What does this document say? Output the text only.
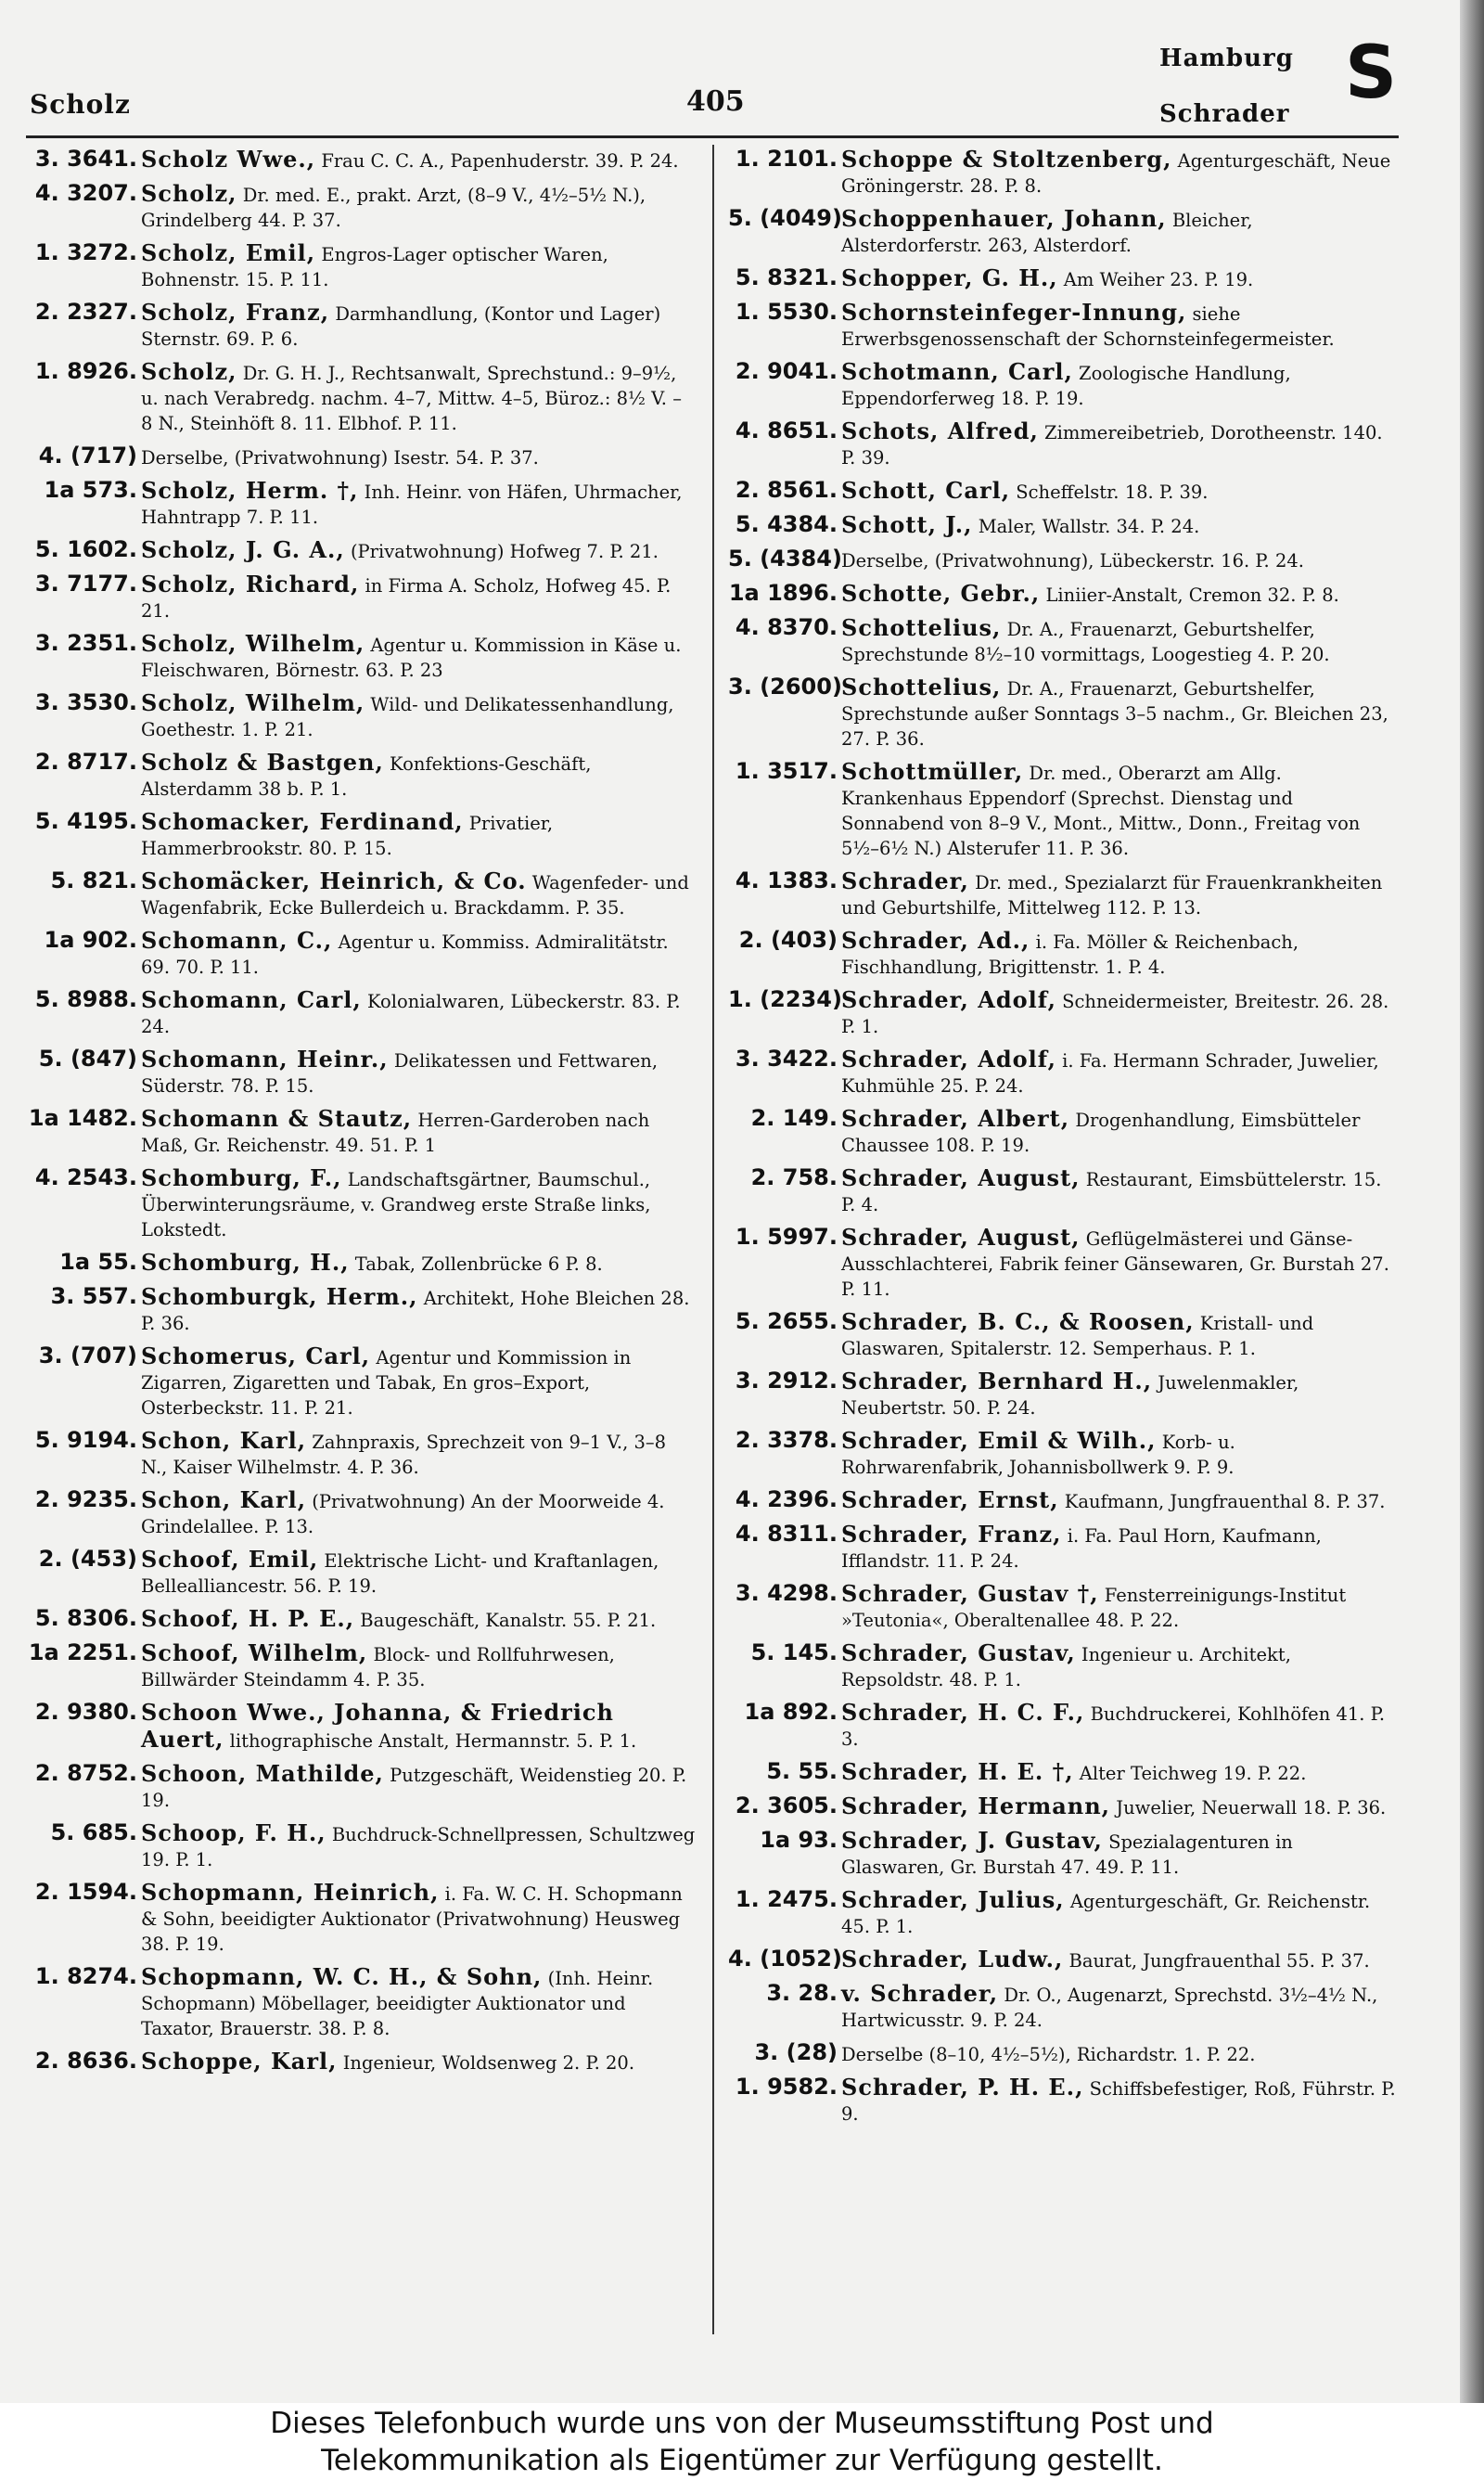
Scholz	405
Hamburg
Schrader S
3. 3641. Scholz Wwe., Frau C. C. A., Papenhuderstr. 39. P. 24.
4. 3207. Scholz, Dr. med. E., prakt. Arzt, (8–9 V., 4½–5½ N.), Grindelberg 44. P. 37.
1. 3272. Scholz, Emil, Engros-Lager optischer Waren, Bohnenstr. 15. P. 11.
2. 2327. Scholz, Franz, Darmhandlung, (Kontor und Lager) Sternstr. 69. P. 6.
1. 8926. Scholz, Dr. G. H. J., Rechtsanwalt, Sprechstund.: 9–9½, u. nach Verabredg. nachm. 4–7, Mittw. 4–5, Büroz.: 8½ V. – 8 N., Steinhöft 8. 11. Elbhof. P. 11.
4. (717) Derselbe, (Privatwohnung) Isestr. 54. P. 37.
1a 573. Scholz, Herm. †, Inh. Heinr. von Häfen, Uhrmacher, Hahntrapp 7. P. 11.
5. 1602. Scholz, J. G. A., (Privatwohnung) Hofweg 7. P. 21.
3. 7177. Scholz, Richard, in Firma A. Scholz, Hofweg 45. P. 21.
3. 2351. Scholz, Wilhelm, Agentur u. Kommission in Käse u. Fleischwaren, Börnestr. 63. P. 23
3. 3530. Scholz, Wilhelm, Wild- und Delikatessenhandlung, Goethestr. 1. P. 21.
2. 8717. Scholz & Bastgen, Konfektions-Geschäft, Alsterdamm 38 b. P. 1.
5. 4195. Schomacker, Ferdinand, Privatier, Hammerbrookstr. 80. P. 15.
5. 821. Schomäcker, Heinrich, & Co. Wagenfeder- und Wagenfabrik, Ecke Bullerdeich u. Brackdamm. P. 35.
1a 902. Schomann, C., Agentur u. Kommiss. Admiralitätstr. 69. 70. P. 11.
5. 8988. Schomann, Carl, Kolonialwaren, Lübeckerstr. 83. P. 24.
5. (847) Schomann, Heinr., Delikatessen und Fettwaren, Süderstr. 78. P. 15.
1a 1482. Schomann & Stautz, Herren-Garderoben nach Maß, Gr. Reichenstr. 49. 51. P. 1
4. 2543. Schomburg, F., Landschaftsgärtner, Baumschul., Überwinterungsräume, v. Grandweg erste Straße links, Lokstedt.
1a 55. Schomburg, H., Tabak, Zollenbrücke 6 P. 8.
3. 557. Schomburgk, Herm., Architekt, Hohe Bleichen 28. P. 36.
3. (707) Schomerus, Carl, Agentur und Kommission in Zigarren, Zigaretten und Tabak, En gros–Export, Osterbeckstr. 11. P. 21.
5. 9194. Schon, Karl, Zahnpraxis, Sprechzeit von 9–1 V., 3–8 N., Kaiser Wilhelmstr. 4. P. 36.
2. 9235. Schon, Karl, (Privatwohnung) An der Moorweide 4. Grindelallee. P. 13.
2. (453) Schoof, Emil, Elektrische Licht- und Kraftanlagen, Bellealliancestr. 56. P. 19.
5. 8306. Schoof, H. P. E., Baugeschäft, Kanalstr. 55. P. 21.
1a 2251. Schoof, Wilhelm, Block- und Rollfuhrwesen, Billwärder Steindamm 4. P. 35.
2. 9380. Schoon Wwe., Johanna, & Friedrich Auert, lithographische Anstalt, Hermannstr. 5. P. 1.
2. 8752. Schoon, Mathilde, Putzgeschäft, Weidenstieg 20. P. 19.
5. 685. Schoop, F. H., Buchdruck-Schnellpressen, Schultzweg 19. P. 1.
2. 1594. Schopmann, Heinrich, i. Fa. W. C. H. Schopmann & Sohn, beeidigter Auktionator (Privatwohnung) Heusweg 38. P. 19.
1. 8274. Schopmann, W. C. H., & Sohn, (Inh. Heinr. Schopmann) Möbellager, beeidigter Auktionator und Taxator, Brauerstr. 38. P. 8.
2. 8636. Schoppe, Karl, Ingenieur, Woldsenweg 2. P. 20.
1. 2101. Schoppe & Stoltzenberg, Agenturgeschäft, Neue Gröningerstr. 28. P. 8.
5. (4049) Schoppenhauer, Johann, Bleicher, Alsterdorferstr. 263, Alsterdorf.
5. 8321. Schopper, G. H., Am Weiher 23. P. 19.
1. 5530. Schornsteinfeger-Innung, siehe Erwerbsgenossenschaft der Schornsteinfegermeister.
2. 9041. Schotmann, Carl, Zoologische Handlung, Eppendorferweg 18. P. 19.
4. 8651. Schots, Alfred, Zimmereibetrieb, Dorotheenstr. 140. P. 39.
2. 8561. Schott, Carl, Scheffelstr. 18. P. 39.
5. 4384. Schott, J., Maler, Wallstr. 34. P. 24.
5. (4384) Derselbe, (Privatwohnung), Lübeckerstr. 16. P. 24.
1a 1896. Schotte, Gebr., Liniier-Anstalt, Cremon 32. P. 8.
4. 8370. Schottelius, Dr. A., Frauenarzt, Geburtshelfer, Sprechstunde 8½–10 vormittags, Loogestieg 4. P. 20.
3. (2600) Schottelius, Dr. A., Frauenarzt, Geburtshelfer, Sprechstunde außer Sonntags 3–5 nachm., Gr. Bleichen 23, 27. P. 36.
1. 3517. Schottmüller, Dr. med., Oberarzt am Allg. Krankenhaus Eppendorf (Sprechst. Dienstag und Sonnabend von 8–9 V., Mont., Mittw., Donn., Freitag von 5½–6½ N.) Alsterufer 11. P. 36.
4. 1383. Schrader, Dr. med., Spezialarzt für Frauenkrankheiten und Geburtshilfe, Mittelweg 112. P. 13.
2. (403) Schrader, Ad., i. Fa. Möller & Reichenbach, Fischhandlung, Brigittenstr. 1. P. 4.
1. (2234) Schrader, Adolf, Schneidermeister, Breitestr. 26. 28. P. 1.
3. 3422. Schrader, Adolf, i. Fa. Hermann Schrader, Juwelier, Kuhmühle 25. P. 24.
2. 149. Schrader, Albert, Drogenhandlung, Eimsbütteler Chaussee 108. P. 19.
2. 758. Schrader, August, Restaurant, Eimsbüttelerstr. 15. P. 4.
1. 5997. Schrader, August, Geflügelmästerei und Gänse-Ausschlachterei, Fabrik feiner Gänsewaren, Gr. Burstah 27. P. 11.
5. 2655. Schrader, B. C., & Roosen, Kristall- und Glaswaren, Spitalerstr. 12. Semperhaus. P. 1.
3. 2912. Schrader, Bernhard H., Juwelenmakler, Neubertstr. 50. P. 24.
2. 3378. Schrader, Emil & Wilh., Korb- u. Rohrwarenfabrik, Johannisbollwerk 9. P. 9.
4. 2396. Schrader, Ernst, Kaufmann, Jungfrauenthal 8. P. 37.
4. 8311. Schrader, Franz, i. Fa. Paul Horn, Kaufmann, Ifflandstr. 11. P. 24.
3. 4298. Schrader, Gustav †, Fensterreinigungs-Institut »Teutonia«, Oberaltenallee 48. P. 22.
5. 145. Schrader, Gustav, Ingenieur u. Architekt, Repsoldstr. 48. P. 1.
1a 892. Schrader, H. C. F., Buchdruckerei, Kohlhöfen 41. P. 3.
5. 55. Schrader, H. E. †, Alter Teichweg 19. P. 22.
2. 3605. Schrader, Hermann, Juwelier, Neuerwall 18. P. 36.
1a 93. Schrader, J. Gustav, Spezialagenturen in Glaswaren, Gr. Burstah 47. 49. P. 11.
1. 2475. Schrader, Julius, Agenturgeschäft, Gr. Reichenstr. 45. P. 1.
4. (1052) Schrader, Ludw., Baurat, Jungfrauenthal 55. P. 37.
3. 28. v. Schrader, Dr. O., Augenarzt, Sprechstd. 3½–4½ N., Hartwicusstr. 9. P. 24.
3. (28) Derselbe (8–10, 4½–5½), Richardstr. 1. P. 22.
1. 9582. Schrader, P. H. E., Schiffsbefestiger, Roß, Führstr. P. 9.
Dieses Telefonbuch wurde uns von der Museumsstiftung Post und
Telekommunikation als Eigentümer zur Verfügung gestellt.
